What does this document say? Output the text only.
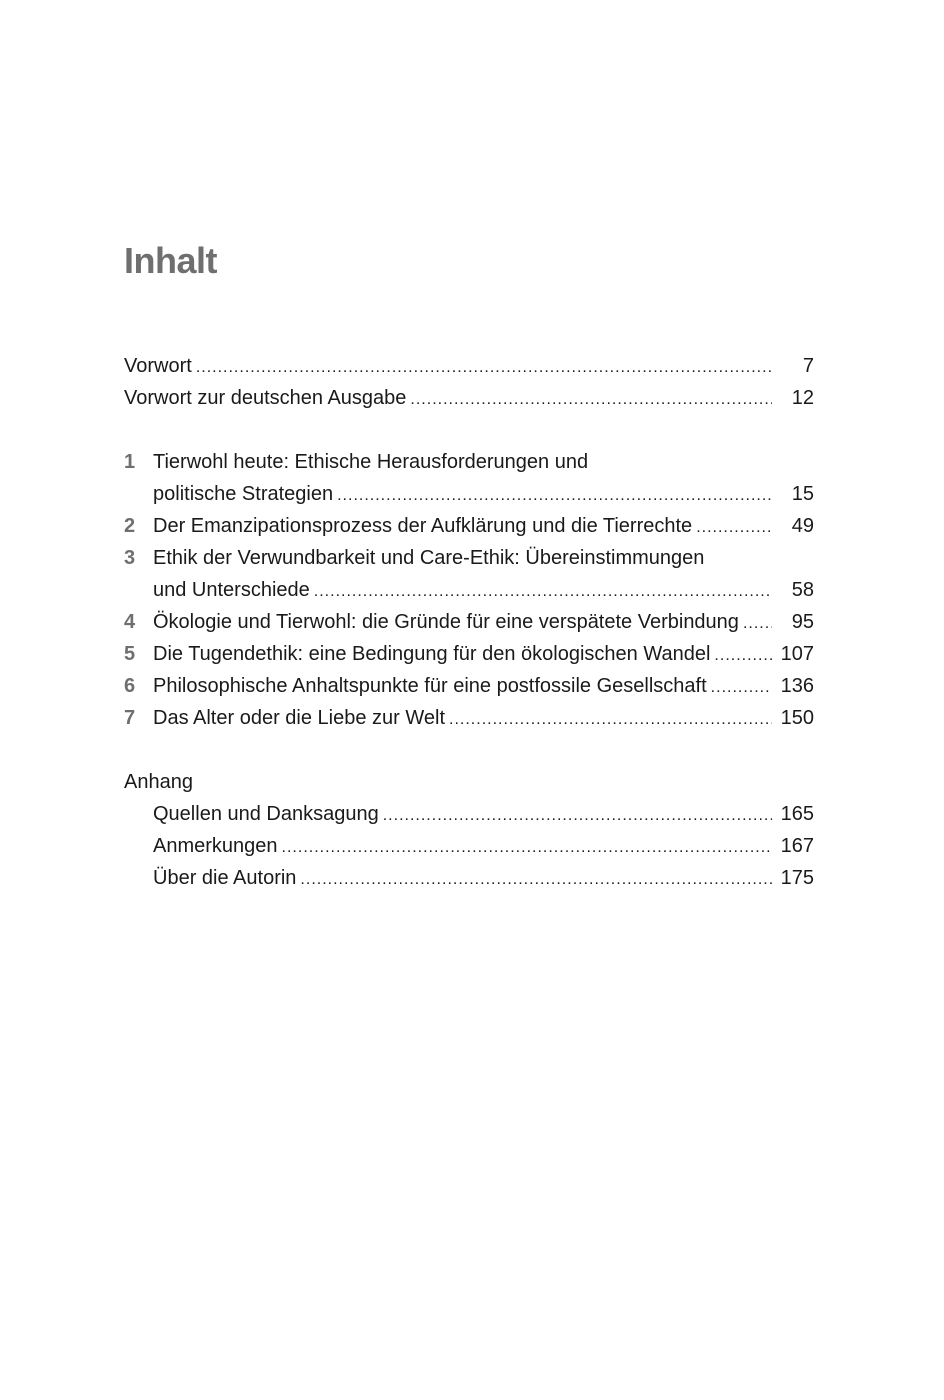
Inhalt
Vorwort .....	7
Vorwort zur deutschen Ausgabe .....	12
1 Tierwohl heute: Ethische Herausforderungen und
politische Strategien .....	15
2 Der Emanzipationsprozess der Aufklärung und die Tierrechte .....	49
3 Ethik der Verwundbarkeit und Care-Ethik: Übereinstimmungen
und Unterschiede .....	58
4 Ökologie und Tierwohl: die Gründe für eine verspätete Verbindung .....	95
5 Die Tugendethik: eine Bedingung für den ökologischen Wandel .....	107
6 Philosophische Anhaltspunkte für eine postfossile Gesellschaft .....	136
7 Das Alter oder die Liebe zur Welt .....	150
Anhang
Quellen und Danksagung .....	165
Anmerkungen .....	167
Über die Autorin .....	175
